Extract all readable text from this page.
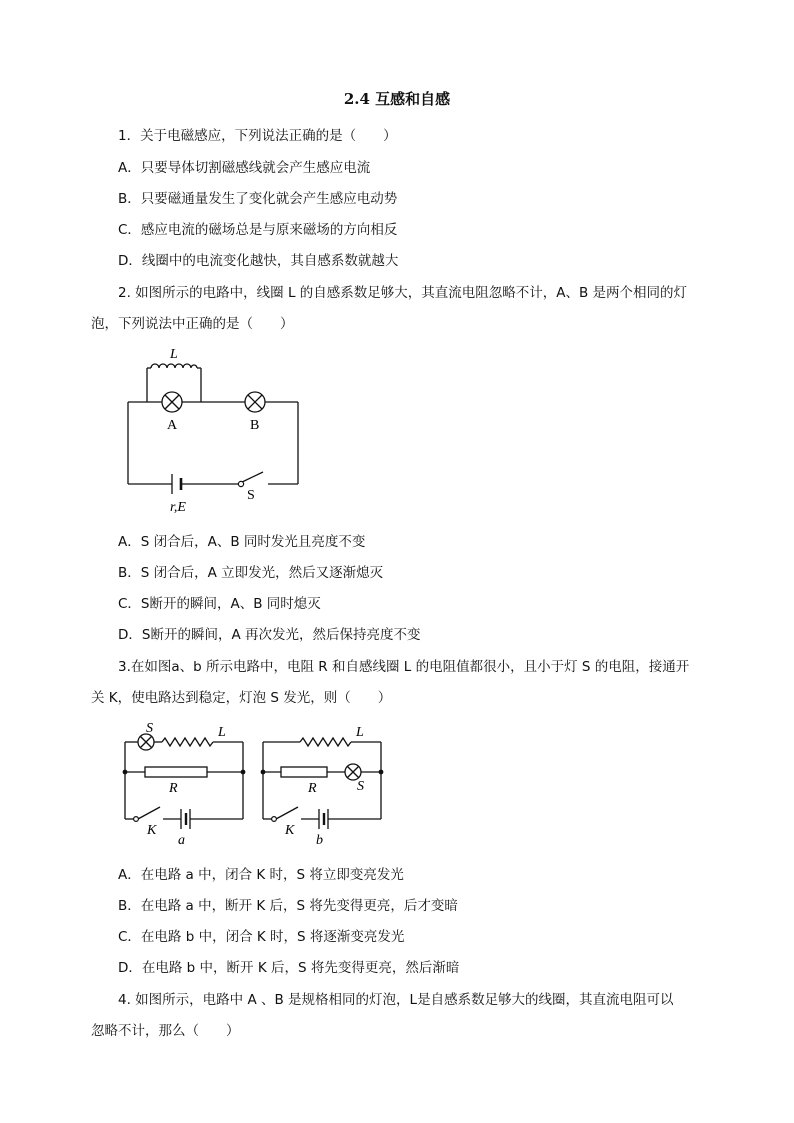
2.4 互感和自感
1．关于电磁感应，下列说法正确的是（　　）
A．只要导体切割磁感线就会产生感应电流
B．只要磁通量发生了变化就会产生感应电动势
C．感应电流的磁场总是与原来磁场的方向相反
D．线圈中的电流变化越快，其自感系数就越大
2. 如图所示的电路中，线圈 L 的自感系数足够大，其直流电阻忽略不计，A、B 是两个相同的灯
泡，下列说法中正确的是（　　）
L
A	B
r,E
S
A．S 闭合后，A、B 同时发光且亮度不变
B．S 闭合后，A 立即发光，然后又逐渐熄灭
C．S断开的瞬间，A、B 同时熄灭
D．S断开的瞬间，A 再次发光，然后保持亮度不变
3.在如图a、b 所示电路中，电阻 R 和自感线圈 L 的电阻值都很小，且小于灯 S 的电阻，接通开
关 K，使电路达到稳定，灯泡 S 发光，则（　　）
S	L
R
K
a
L
S
R
K
b
A．在电路 a 中，闭合 K 时，S 将立即变亮发光
B．在电路 a 中，断开 K 后，S 将先变得更亮，后才变暗
C．在电路 b 中，闭合 K 时，S 将逐渐变亮发光
D．在电路 b 中，断开 K 后，S 将先变得更亮，然后渐暗
4. 如图所示，电路中 A 、B 是规格相同的灯泡，L是自感系数足够大的线圈，其直流电阻可以
忽略不计，那么（　　）
